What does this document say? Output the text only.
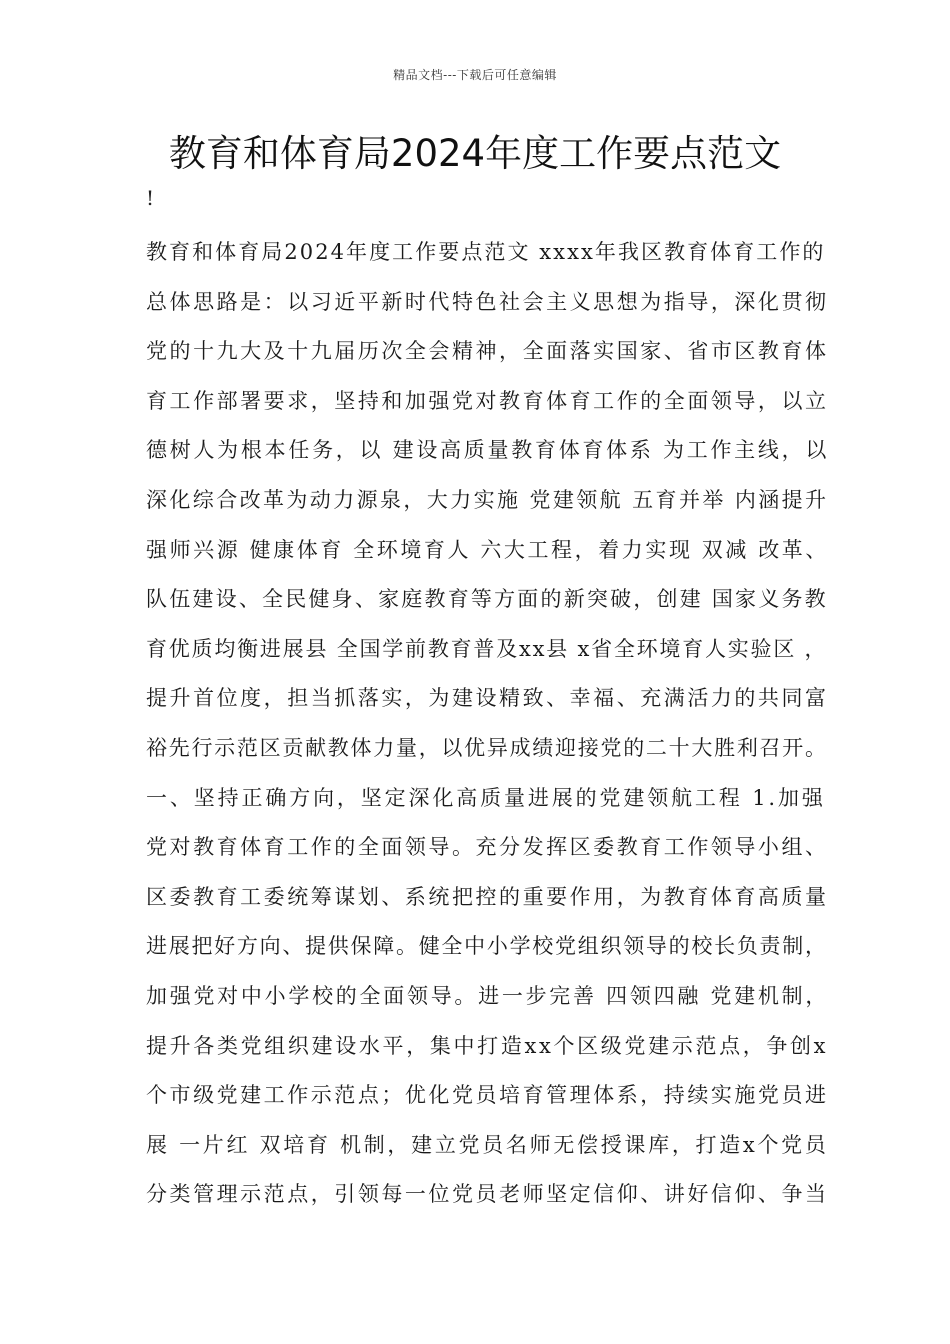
精品文档---下载后可任意编辑
教育和体育局2024年度工作要点范文
!
教育和体育局2024年度工作要点范文 xxxx年我区教育体育工作的
总体思路是：以习近平新时代特色社会主义思想为指导，深化贯彻
党的十九大及十九届历次全会精神，全面落实国家、省市区教育体
育工作部署要求，坚持和加强党对教育体育工作的全面领导，以立
德树人为根本任务，以 建设高质量教育体育体系 为工作主线，以
深化综合改革为动力源泉，大力实施 党建领航 五育并举 内涵提升
强师兴源 健康体育 全环境育人 六大工程，着力实现 双减 改革、
队伍建设、全民健身、家庭教育等方面的新突破，创建 国家义务教
育优质均衡进展县 全国学前教育普及xx县 x省全环境育人实验区 ，
提升首位度，担当抓落实，为建设精致、幸福、充满活力的共同富
裕先行示范区贡献教体力量，以优异成绩迎接党的二十大胜利召开。
一、坚持正确方向，坚定深化高质量进展的党建领航工程 1.加强
党对教育体育工作的全面领导。充分发挥区委教育工作领导小组、
区委教育工委统筹谋划、系统把控的重要作用，为教育体育高质量
进展把好方向、提供保障。健全中小学校党组织领导的校长负责制，
加强党对中小学校的全面领导。进一步完善 四领四融 党建机制，
提升各类党组织建设水平，集中打造xx个区级党建示范点，争创x
个市级党建工作示范点；优化党员培育管理体系，持续实施党员进
展 一片红 双培育 机制，建立党员名师无偿授课库，打造x个党员
分类管理示范点，引领每一位党员老师坚定信仰、讲好信仰、争当
